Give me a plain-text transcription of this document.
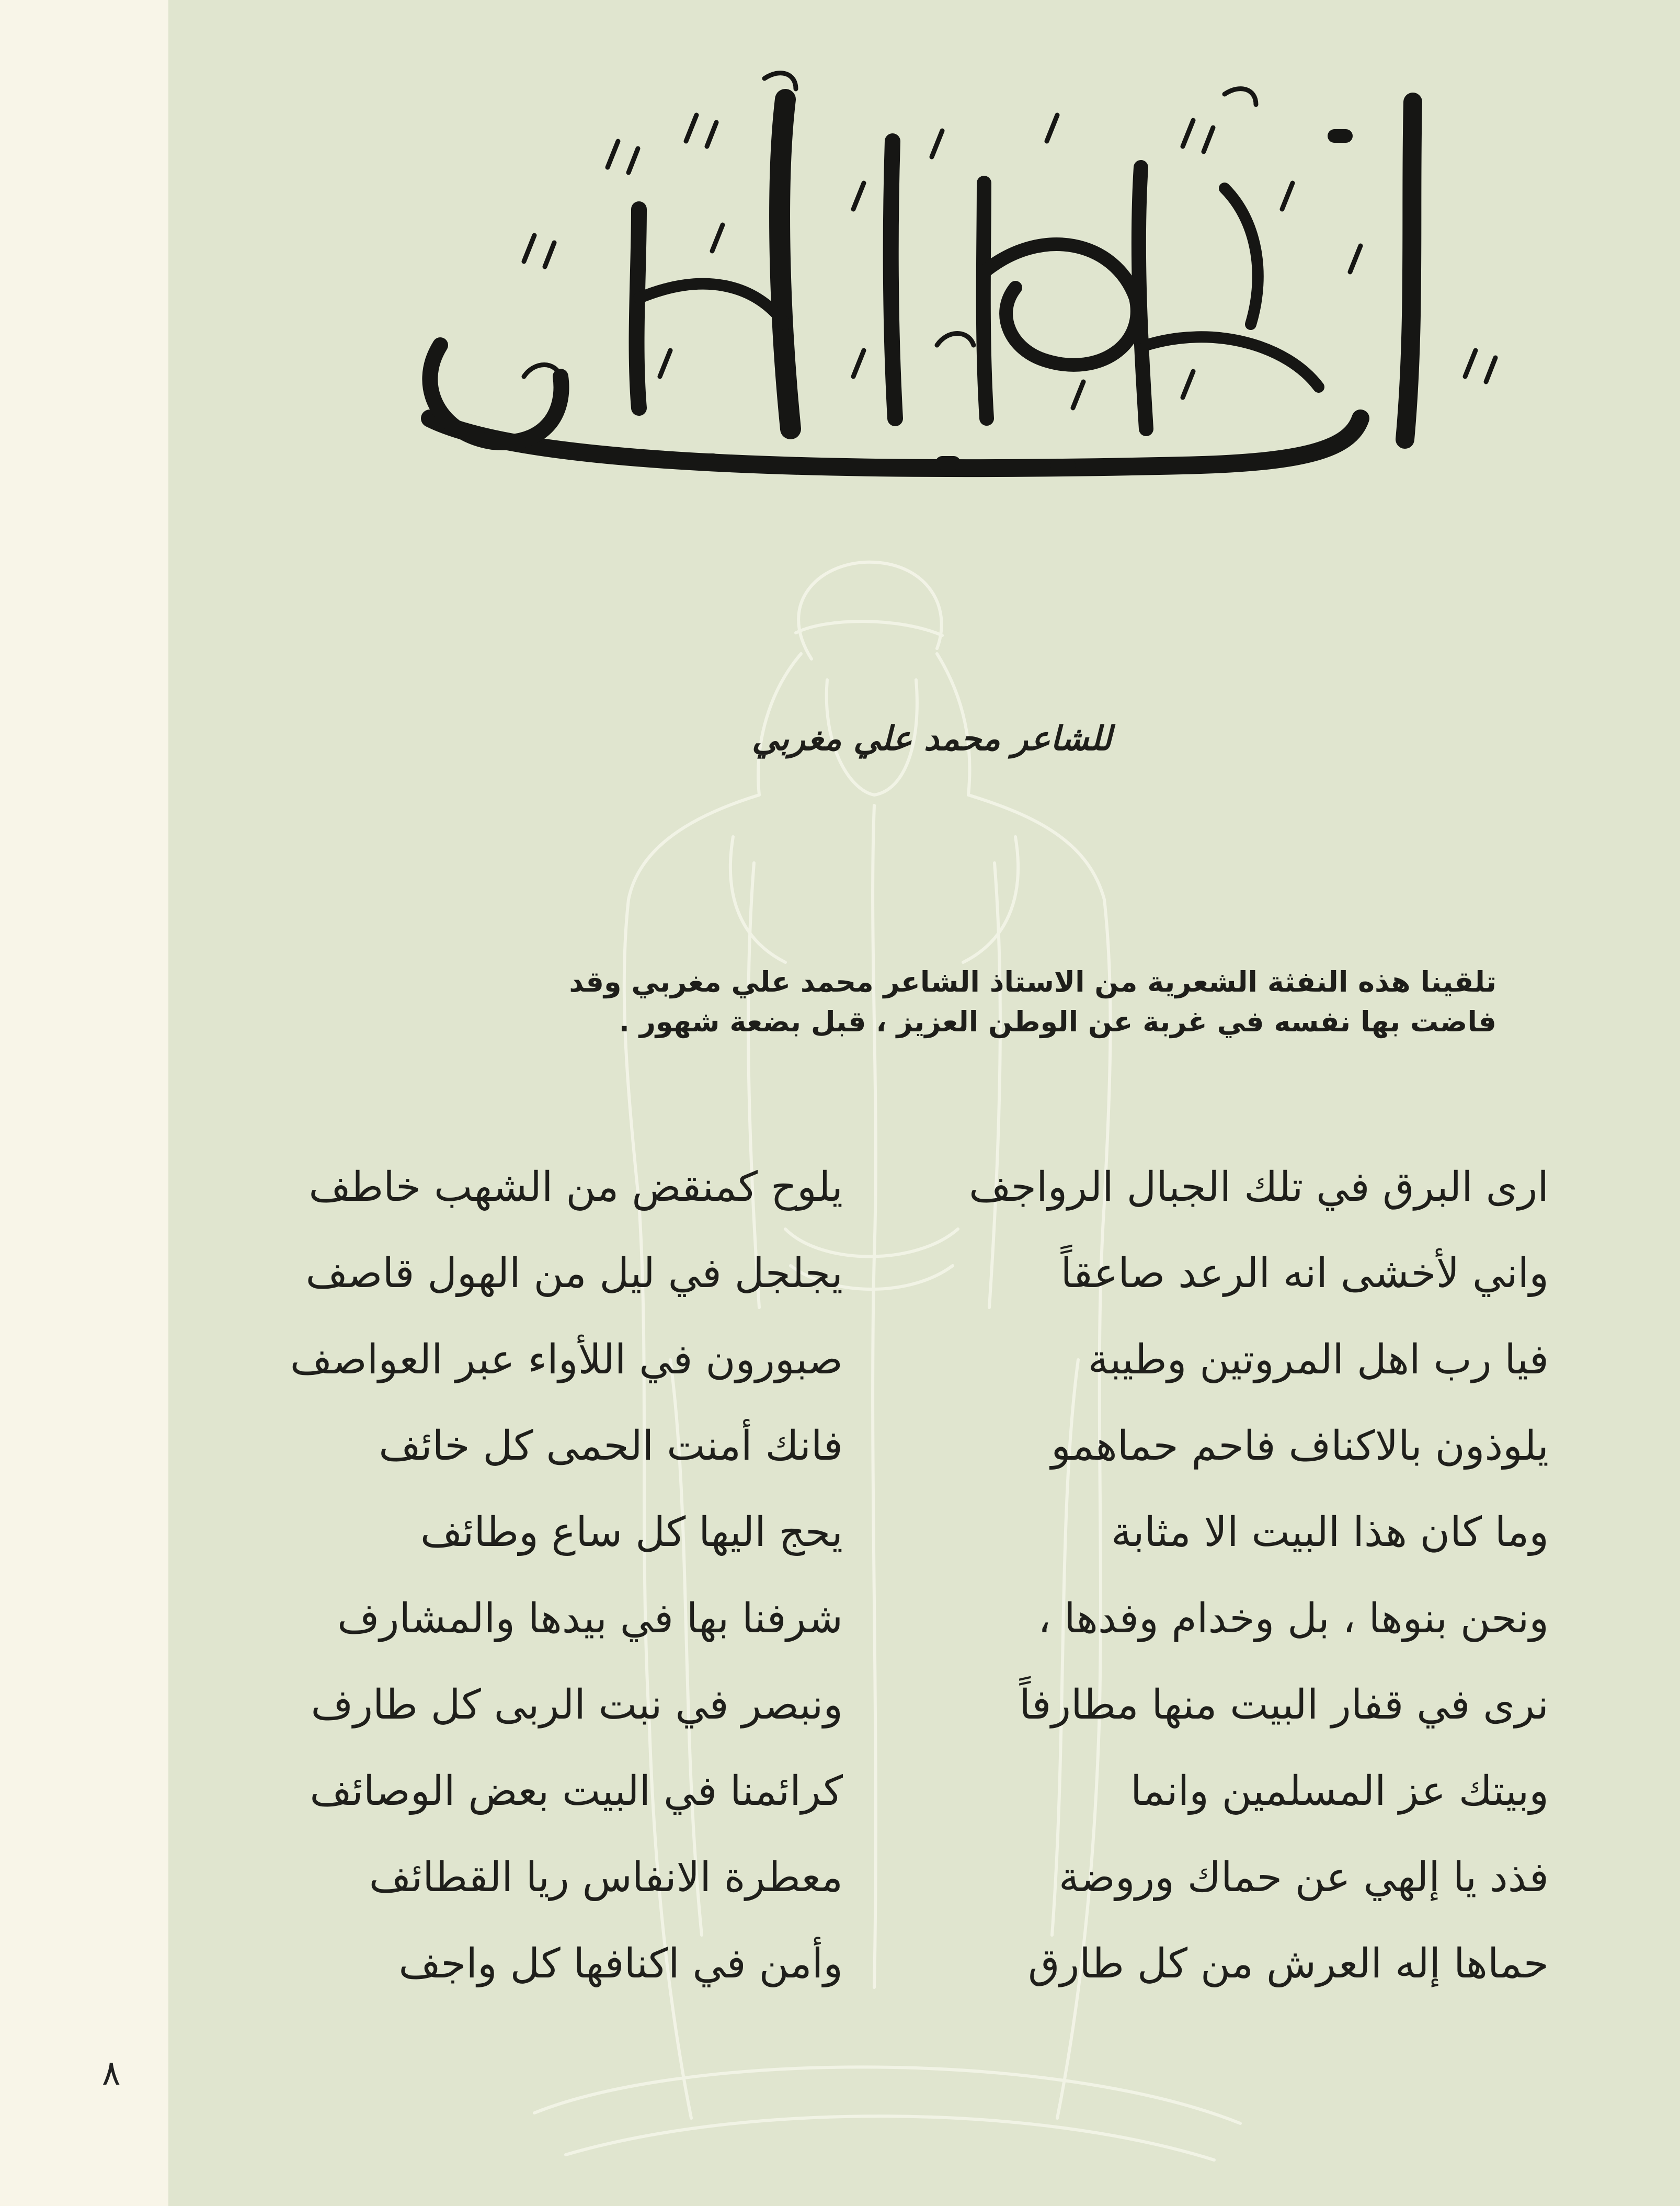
للشاعر محمد علي مغربي
تلقينا هذه النفثة الشعرية من الاستاذ الشاعر محمد علي مغربي وقد
فاضت بها نفسه في غربة عن الوطن العزيز ، قبل بضعة شهور .
ارى البرق في تلك الجبال الرواجف
يلوح كمنقض من الشهب خاطف
واني لأخشى انه الرعد صاعقاً
يجلجل في ليل من الهول قاصف
فيا رب اهل المروتين وطيبة
صبورون في اللأواء عبر العواصف
يلوذون بالاكناف فاحم حماهمو
فانك أمنت الحمى كل خائف
وما كان هذا البيت الا مثابة
يحج اليها كل ساع وطائف
ونحن بنوها ، بل وخدام وفدها ،
شرفنا بها في بيدها والمشارف
نرى في قفار البيت منها مطارفاً
ونبصر في نبت الربى كل طارف
وبيتك عز المسلمين وانما
كرائمنا في البيت بعض الوصائف
فذد يا إلهي عن حماك وروضة
معطرة الانفاس ريا القطائف
حماها إله العرش من كل طارق
وأمن في اكنافها كل واجف
٨
